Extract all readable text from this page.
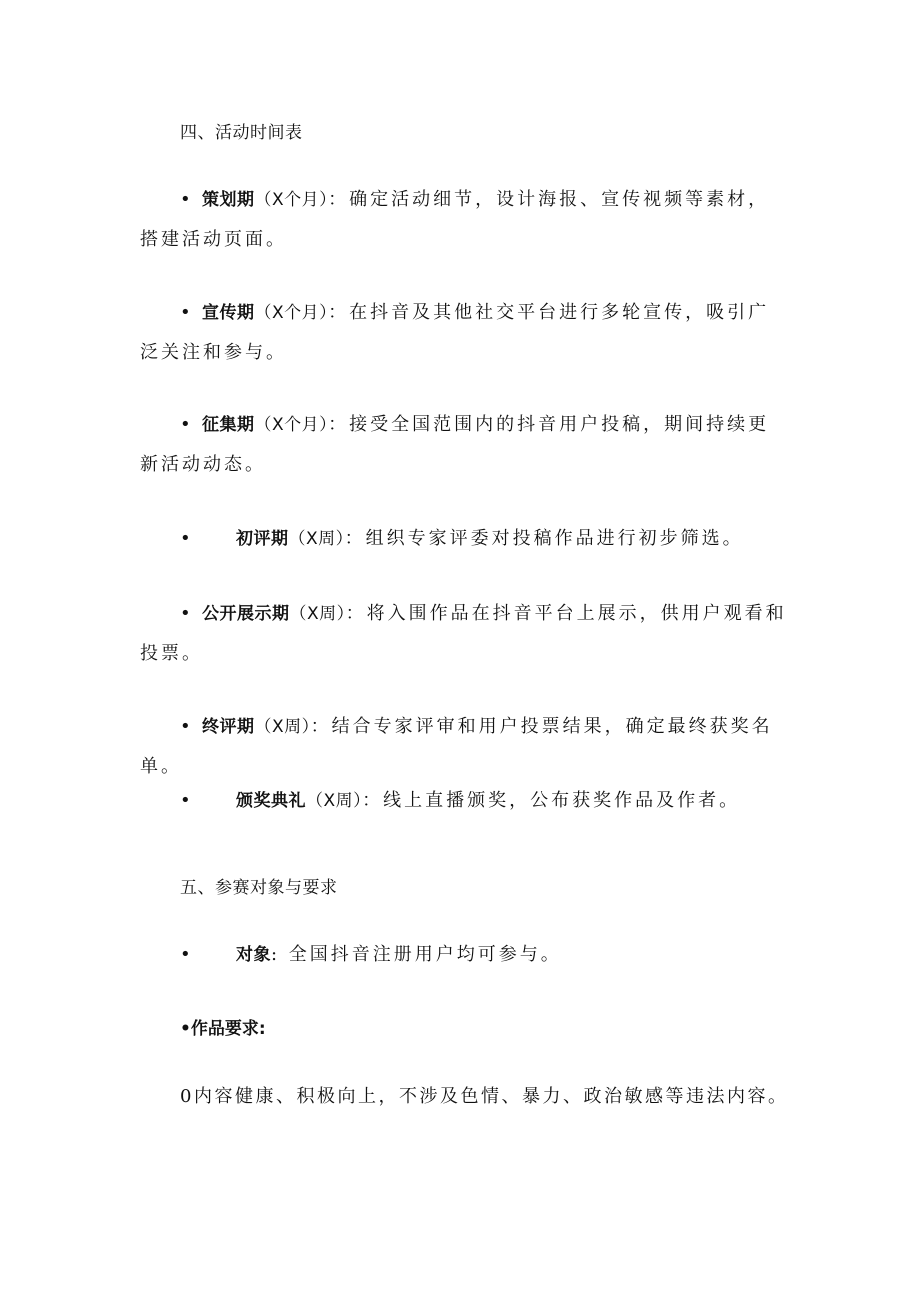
四、活动时间表
• 策划期（X个月）：确定活动细节，设计海报、宣传视频等素材，搭建活动页面。
• 宣传期（X个月）：在抖音及其他社交平台进行多轮宣传，吸引广泛关注和参与。
• 征集期（X个月）：接受全国范围内的抖音用户投稿，期间持续更新活动动态。
•	初评期（X周）：组织专家评委对投稿作品进行初步筛选。
• 公开展示期（X周）：将入围作品在抖音平台上展示，供用户观看和投票。
• 终评期（X周）：结合专家评审和用户投票结果，确定最终获奖名单。
•	颁奖典礼（X周）：线上直播颁奖，公布获奖作品及作者。
五、参赛对象与要求
•	对象: 全国抖音注册用户均可参与。
•作品要求:
0内容健康、积极向上，不涉及色情、暴力、政治敏感等违法内容。
